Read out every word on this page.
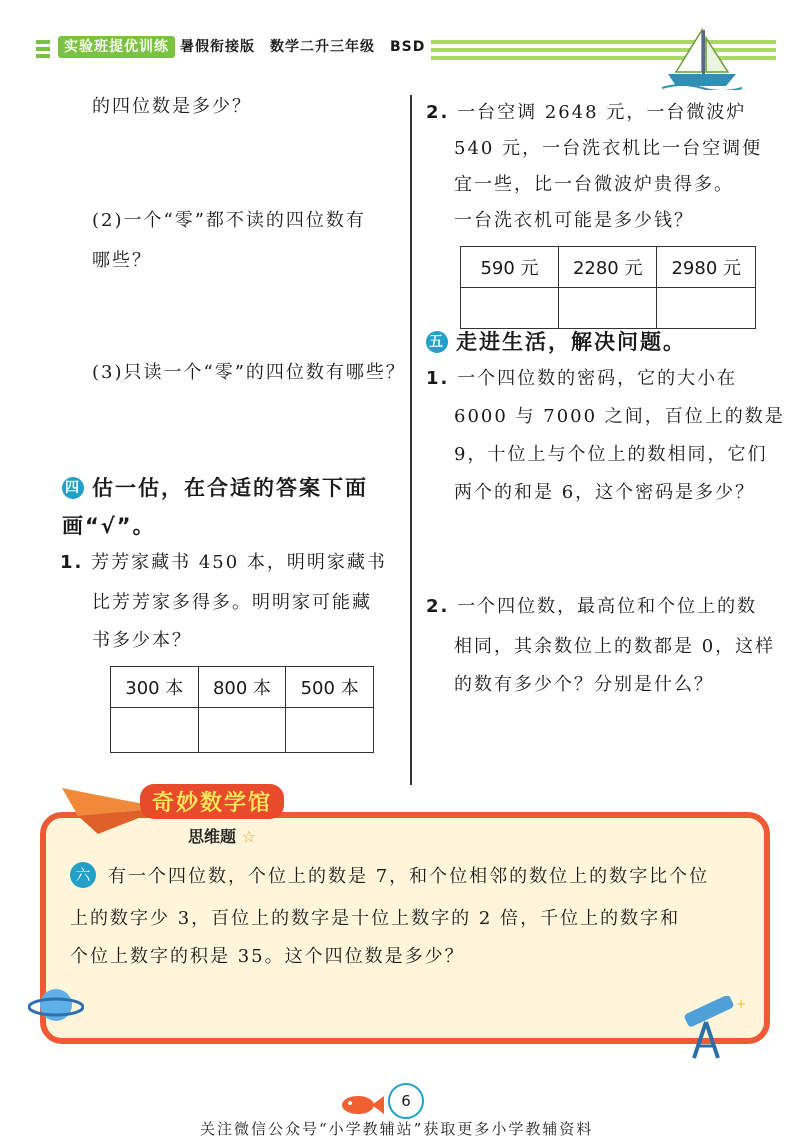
实验班提优训练 暑假衔接版　数学二升三年级　BSD
的四位数是多少？
(2)一个“零”都不读的四位数有
哪些？
(3)只读一个“零”的四位数有哪些？
四 估一估，在合适的答案下面
画“√”。
1. 芳芳家藏书 450 本，明明家藏书
比芳芳家多得多。明明家可能藏
书多少本？
300 本	800 本	500 本

2. 一台空调 2648 元，一台微波炉
540 元，一台洗衣机比一台空调便
宜一些，比一台微波炉贵得多。
一台洗衣机可能是多少钱？
590 元	2280 元	2980 元

五 走进生活，解决问题。
1. 一个四位数的密码，它的大小在
6000 与 7000 之间，百位上的数是
9，十位上与个位上的数相同，它们
两个的和是 6，这个密码是多少？
2. 一个四位数，最高位和个位上的数
相同，其余数位上的数都是 0，这样
的数有多少个？分别是什么？
奇妙数学馆
思维题 ☆
六 有一个四位数，个位上的数是 7，和个位相邻的数位上的数字比个位
上的数字少 3，百位上的数字是十位上数字的 2 倍，千位上的数字和
个位上数字的积是 35。这个四位数是多少？
+
6
关注微信公众号“小学教辅站”获取更多小学教辅资料
